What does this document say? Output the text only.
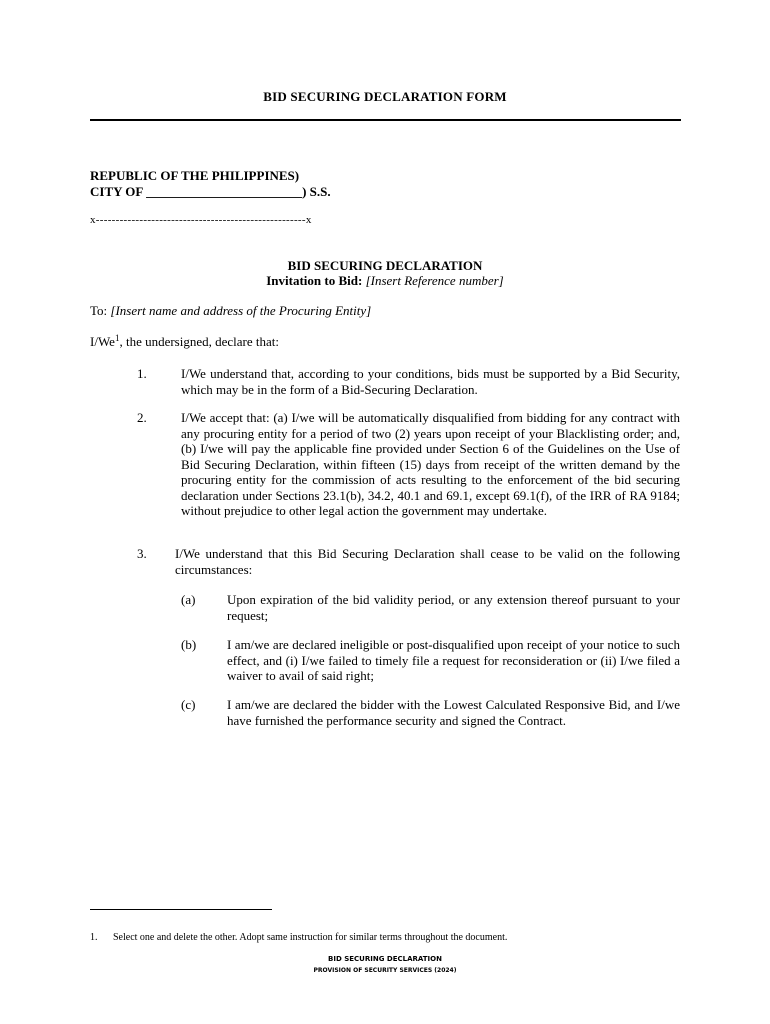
BID SECURING DECLARATION FORM
REPUBLIC OF THE PHILIPPINES)
CITY OF ________________________) S.S.
x-----------------------------------------------------x
BID SECURING DECLARATION
Invitation to Bid: [Insert Reference number]
To: [Insert name and address of the Procuring Entity]
I/We$^1$, the undersigned, declare that:
1.	I/We understand that, according to your conditions, bids must be supported by a Bid Security, which may be in the form of a Bid-Securing Declaration.
2.	I/We accept that: (a) I/we will be automatically disqualified from bidding for any contract with any procuring entity for a period of two (2) years upon receipt of your Blacklisting order; and, (b) I/we will pay the applicable fine provided under Section 6 of the Guidelines on the Use of Bid Securing Declaration, within fifteen (15) days from receipt of the written demand by the procuring entity for the commission of acts resulting to the enforcement of the bid securing declaration under Sections 23.1(b), 34.2, 40.1 and 69.1, except 69.1(f), of the IRR of RA 9184; without prejudice to other legal action the government may undertake.
3. I/We understand that this Bid Securing Declaration shall cease to be valid on the following circumstances:
(a) Upon expiration of the bid validity period, or any extension thereof pursuant to your request;
(b) I am/we are declared ineligible or post-disqualified upon receipt of your notice to such effect, and (i) I/we failed to timely file a request for reconsideration or (ii) I/we filed a waiver to avail of said right;
(c) I am/we are declared the bidder with the Lowest Calculated Responsive Bid, and I/we have furnished the performance security and signed the Contract.
1. Select one and delete the other. Adopt same instruction for similar terms throughout the document.
BID SECURING DECLARATION
PROVISION OF SECURITY SERVICES (2024)
